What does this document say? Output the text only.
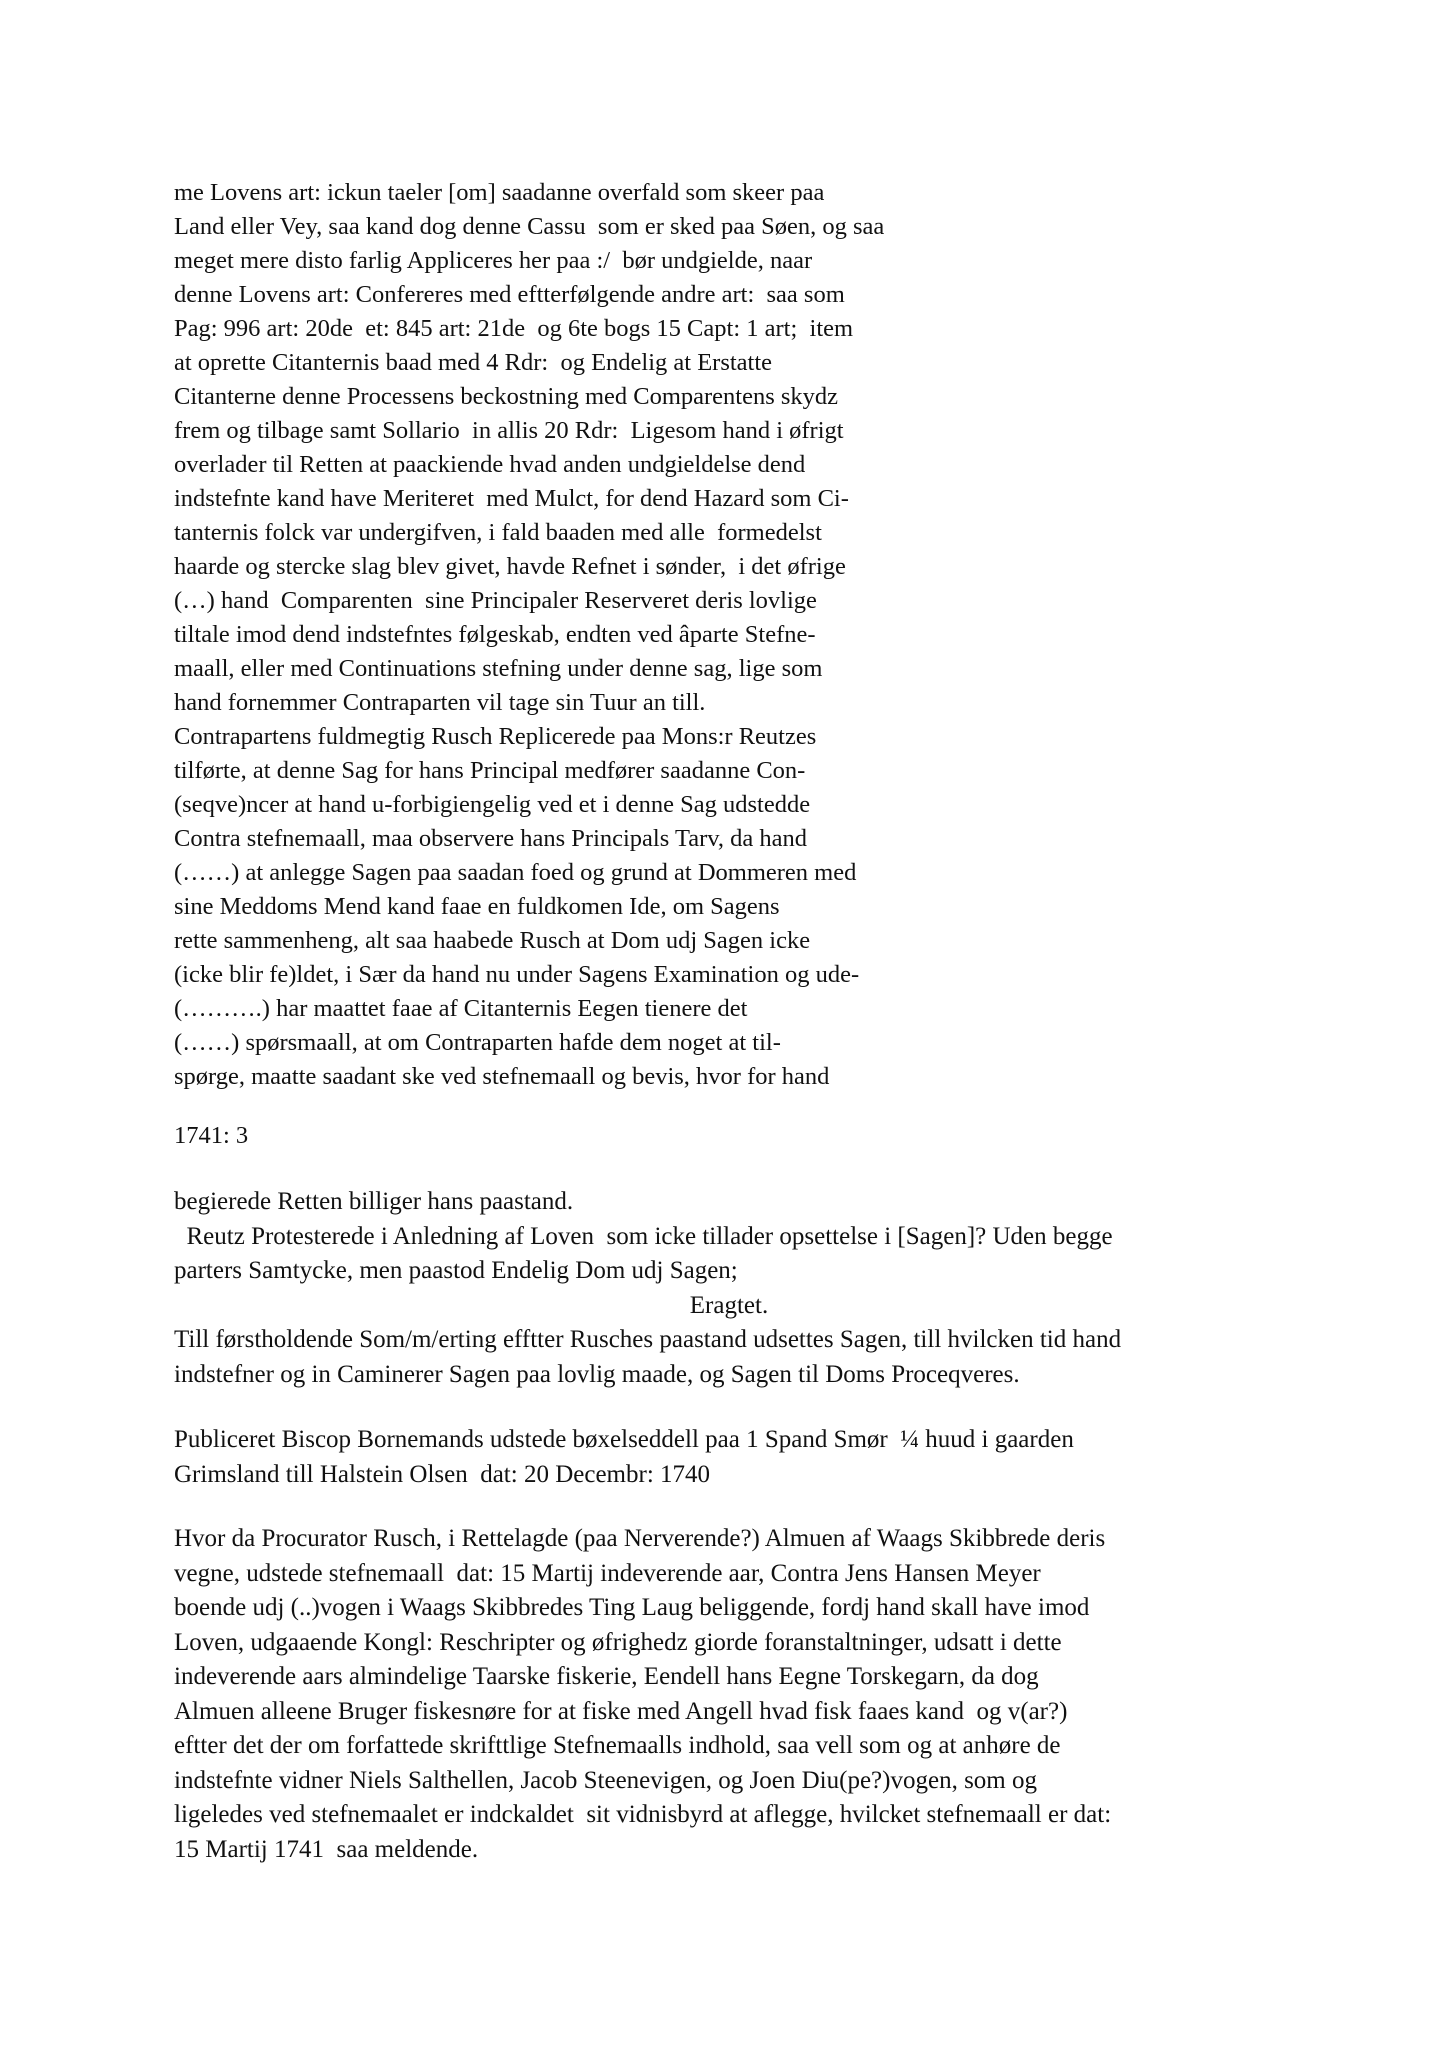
me Lovens art: ickun taeler [om] saadanne overfald som skeer paa
Land eller Vey, saa kand dog denne Cassu  som er sked paa Søen, og saa
meget mere disto farlig Appliceres her paa :/  bør undgielde, naar
denne Lovens art: Confereres med eftterfølgende andre art:  saa som
Pag: 996 art: 20de  et: 845 art: 21de  og 6te bogs 15 Capt: 1 art;  item
at oprette Citanternis baad med 4 Rdr:  og Endelig at Erstatte
Citanterne denne Processens beckostning med Comparentens skydz
frem og tilbage samt Sollario  in allis 20 Rdr:  Ligesom hand i øfrigt
overlader til Retten at paackiende hvad anden undgieldelse dend
indstefnte kand have Meriteret  med Mulct, for dend Hazard som Ci-
tanternis folck var undergifven, i fald baaden med alle  formedelst
haarde og stercke slag blev givet, havde Refnet i sønder,  i det øfrige
(…) hand  Comparenten  sine Principaler Reserveret deris lovlige
tiltale imod dend indstefntes følgeskab, endten ved âparte Stefne-
maall, eller med Continuations stefning under denne sag, lige som
hand fornemmer Contraparten vil tage sin Tuur an till.
Contrapartens fuldmegtig Rusch Replicerede paa Mons:r Reutzes
tilførte, at denne Sag for hans Principal medfører saadanne Con-
(seqve)ncer at hand u-forbigiengelig ved et i denne Sag udstedde
Contra stefnemaall, maa observere hans Principals Tarv, da hand
(……) at anlegge Sagen paa saadan foed og grund at Dommeren med
sine Meddoms Mend kand faae en fuldkomen Ide, om Sagens
rette sammenheng, alt saa haabede Rusch at Dom udj Sagen icke
(icke blir fe)ldet, i Sær da hand nu under Sagens Examination og ude-
(……….) har maattet faae af Citanternis Eegen tienere det
(……) spørsmaall, at om Contraparten hafde dem noget at til-
spørge, maatte saadant ske ved stefnemaall og bevis, hvor for hand
1741: 3
begierede Retten billiger hans paastand.
Reutz Protesterede i Anledning af Loven  som icke tillader opsettelse i [Sagen]? Uden begge
parters Samtycke, men paastod Endelig Dom udj Sagen;
Eragtet.
Till førstholdende Som/m/erting efftter Rusches paastand udsettes Sagen, till hvilcken tid hand
indstefner og in Caminerer Sagen paa lovlig maade, og Sagen til Doms Proceqveres.
Publiceret Biscop Bornemands udstede bøxelseddell paa 1 Spand Smør  ¼ huud i gaarden
Grimsland till Halstein Olsen  dat: 20 Decembr: 1740
Hvor da Procurator Rusch, i Rettelagde (paa Nerverende?) Almuen af Waags Skibbrede deris
vegne, udstede stefnemaall  dat: 15 Martij indeverende aar, Contra Jens Hansen Meyer
boende udj (..)vogen i Waags Skibbredes Ting Laug beliggende, fordj hand skall have imod
Loven, udgaaende Kongl: Reschripter og øfrighedz giorde foranstaltninger, udsatt i dette
indeverende aars almindelige Taarske fiskerie, Eendell hans Eegne Torskegarn, da dog
Almuen alleene Bruger fiskesnøre for at fiske med Angell hvad fisk faaes kand  og v(ar?)
eftter det der om forfattede skrifttlige Stefnemaalls indhold, saa vell som og at anhøre de
indstefnte vidner Niels Salthellen, Jacob Steenevigen, og Joen Diu(pe?)vogen, som og
ligeledes ved stefnemaalet er indckaldet  sit vidnisbyrd at aflegge, hvilcket stefnemaall er dat:
15 Martij 1741  saa meldende.
